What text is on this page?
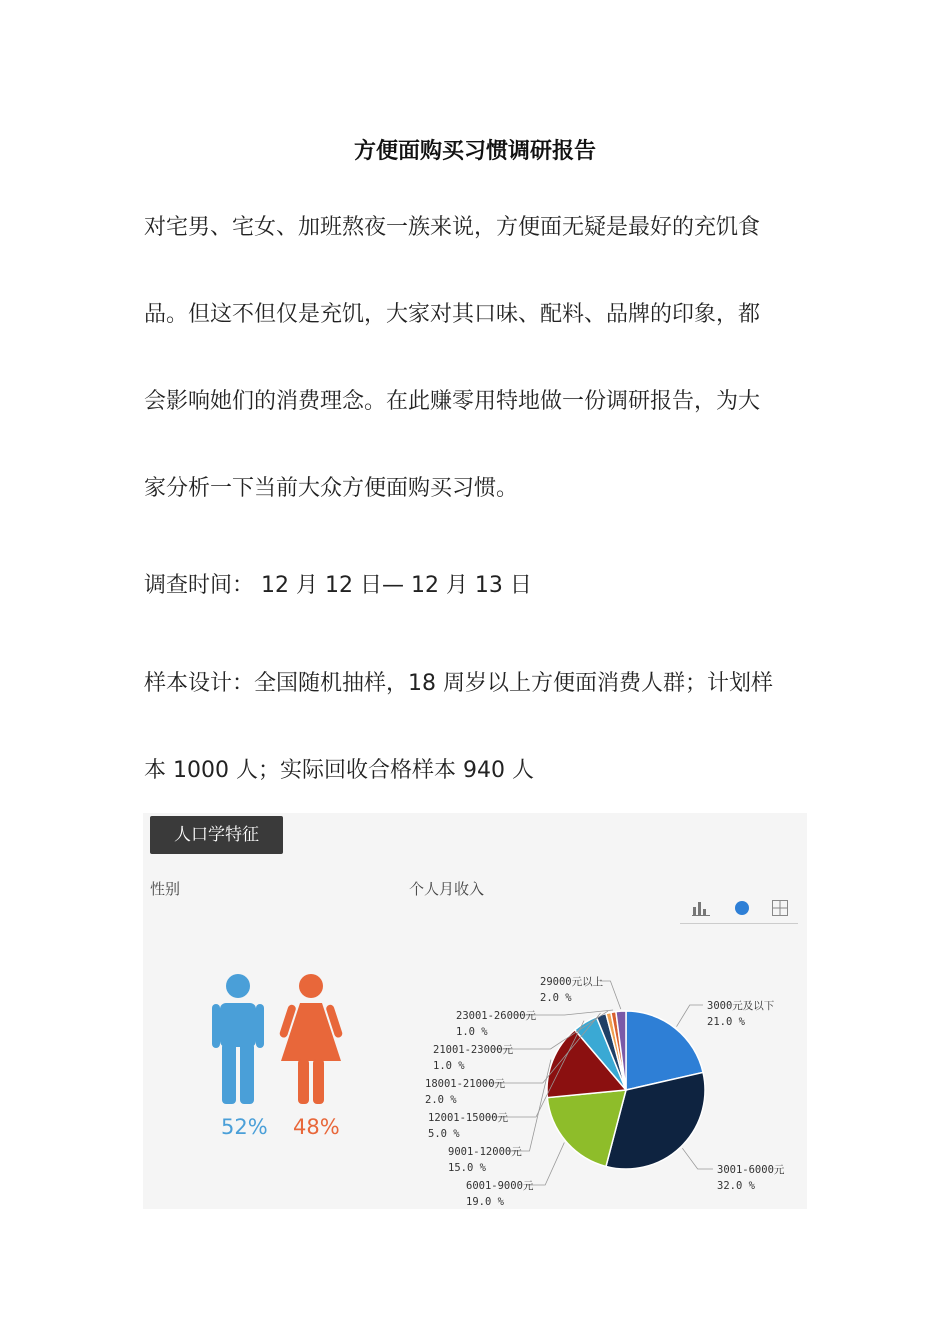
方便面购买习惯调研报告
对宅男、宅女、加班熬夜一族来说，方便面无疑是最好的充饥食
品。但这不但仅是充饥，大家对其口味、配料、品牌的印象，都
会影响她们的消费理念。在此赚零用特地做一份调研报告，为大
家分析一下当前大众方便面购买习惯。
调查时间： 12 月 12 日— 12 月 13 日
样本设计：全国随机抽样，18 周岁以上方便面消费人群；计划样
本 1000 人；实际回收合格样本 940 人
人口学特征
性别	个人月收入
52% 48%
3000元及以下
21.0 %
3001-6000元
32.0 %
6001-9000元
19.0 %
9001-12000元
15.0 %
12001-15000元
5.0 %
18001-21000元
2.0 %
21001-23000元
1.0 %
23001-26000元
1.0 %
29000元以上
2.0 %
